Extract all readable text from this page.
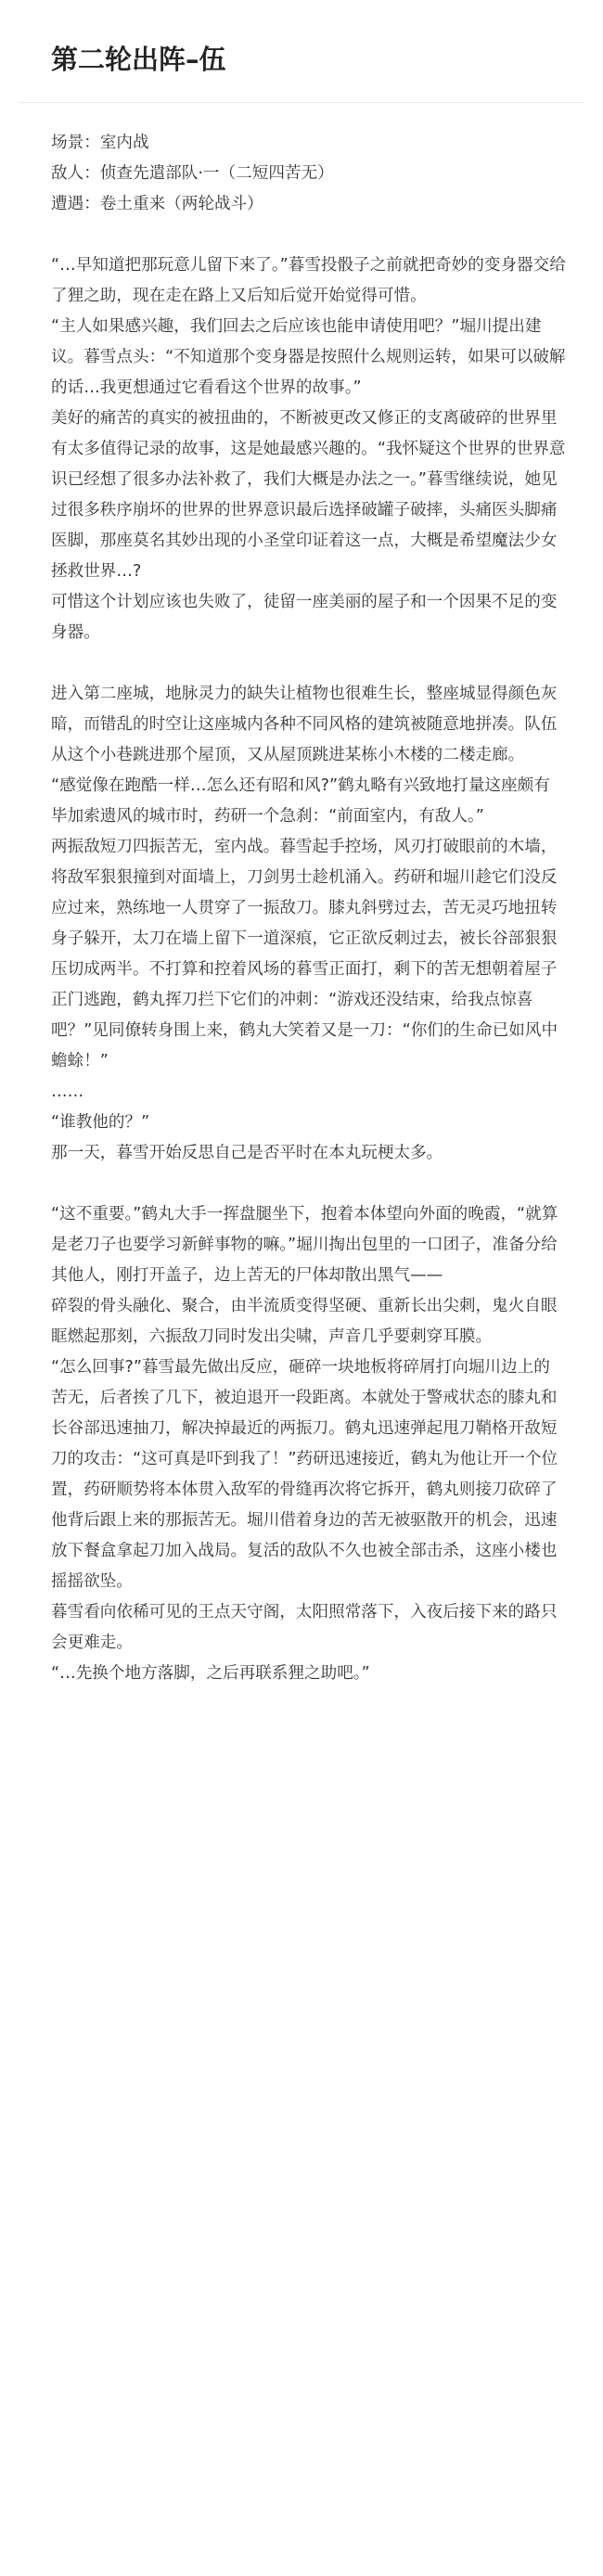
第二轮出阵–伍

场景：室内战

敌人：侦查先遣部队·一（二短四苦无）

遭遇：卷土重来（两轮战斗）

“…早知道把那玩意儿留下来了。”暮雪投骰子之前就把奇妙的变身器交给了狸之助，现在走在路上又后知后觉开始觉得可惜。

“主人如果感兴趣，我们回去之后应该也能申请使用吧？”堀川提出建议。暮雪点头：“不知道那个变身器是按照什么规则运转，如果可以破解的话…我更想通过它看看这个世界的故事。”

美好的痛苦的真实的被扭曲的，不断被更改又修正的支离破碎的世界里有太多值得记录的故事，这是她最感兴趣的。“我怀疑这个世界的世界意识已经想了很多办法补救了，我们大概是办法之一。”暮雪继续说，她见过很多秩序崩坏的世界的世界意识最后选择破罐子破摔，头痛医头脚痛医脚，那座莫名其妙出现的小圣堂印证着这一点，大概是希望魔法少女拯救世界…?

可惜这个计划应该也失败了，徒留一座美丽的屋子和一个因果不足的变身器。

进入第二座城，地脉灵力的缺失让植物也很难生长，整座城显得颜色灰暗，而错乱的时空让这座城内各种不同风格的建筑被随意地拼凑。队伍从这个小巷跳进那个屋顶，又从屋顶跳进某栋小木楼的二楼走廊。

“感觉像在跑酷一样…怎么还有昭和风?”鹤丸略有兴致地打量这座颇有毕加索遗风的城市时，药研一个急刹：“前面室内，有敌人。”

两振敌短刀四振苦无，室内战。暮雪起手控场，风刃打破眼前的木墙，将敌军狠狠撞到对面墙上，刀剑男士趁机涌入。药研和堀川趁它们没反应过来，熟练地一人贯穿了一振敌刀。膝丸斜劈过去，苦无灵巧地扭转身子躲开，太刀在墙上留下一道深痕，它正欲反刺过去，被长谷部狠狠压切成两半。不打算和控着风场的暮雪正面打，剩下的苦无想朝着屋子正门逃跑，鹤丸挥刀拦下它们的冲刺：“游戏还没结束，给我点惊喜吧？”见同僚转身围上来，鹤丸大笑着又是一刀：“你们的生命已如风中蟾蜍！”

……

“谁教他的？”

那一天，暮雪开始反思自己是否平时在本丸玩梗太多。

“这不重要。”鹤丸大手一挥盘腿坐下，抱着本体望向外面的晚霞，“就算是老刀子也要学习新鲜事物的嘛。”堀川掏出包里的一口团子，准备分给其他人，刚打开盖子，边上苦无的尸体却散出黑气——

碎裂的骨头融化、聚合，由半流质变得坚硬、重新长出尖刺，鬼火自眼眶燃起那刻，六振敌刀同时发出尖啸，声音几乎要刺穿耳膜。

“怎么回事?”暮雪最先做出反应，砸碎一块地板将碎屑打向堀川边上的苦无，后者挨了几下，被迫退开一段距离。本就处于警戒状态的膝丸和长谷部迅速抽刀，解决掉最近的两振刀。鹤丸迅速弹起甩刀鞘格开敌短刀的攻击：“这可真是吓到我了！”药研迅速接近，鹤丸为他让开一个位置，药研顺势将本体贯入敌军的骨缝再次将它拆开，鹤丸则接刀砍碎了他背后跟上来的那振苦无。堀川借着身边的苦无被驱散开的机会，迅速放下餐盒拿起刀加入战局。复活的敌队不久也被全部击杀，这座小楼也摇摇欲坠。

暮雪看向依稀可见的王点天守阁，太阳照常落下，入夜后接下来的路只会更难走。

“…先换个地方落脚，之后再联系狸之助吧。”
